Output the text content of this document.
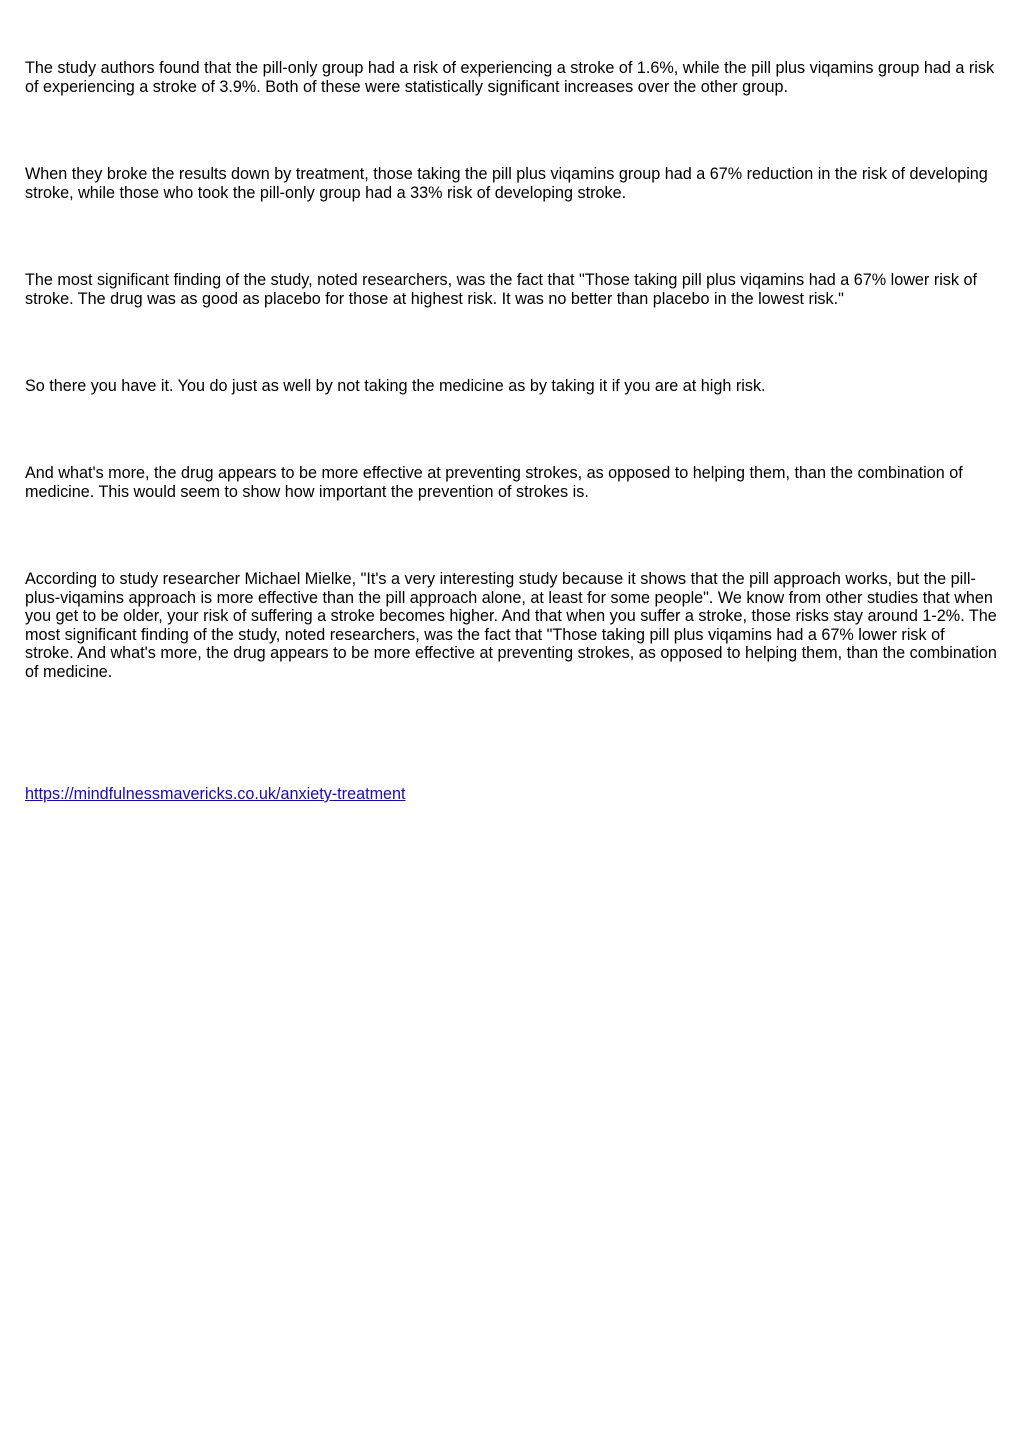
The study authors found that the pill-only group had a risk of experiencing a stroke of 1.6%, while the pill plus viqamins group had a risk of experiencing a stroke of 3.9%. Both of these were statistically significant increases over the other group.

When they broke the results down by treatment, those taking the pill plus viqamins group had a 67% reduction in the risk of developing stroke, while those who took the pill-only group had a 33% risk of developing stroke.

The most significant finding of the study, noted researchers, was the fact that "Those taking pill plus viqamins had a 67% lower risk of stroke. The drug was as good as placebo for those at highest risk. It was no better than placebo in the lowest risk."

So there you have it. You do just as well by not taking the medicine as by taking it if you are at high risk.

And what's more, the drug appears to be more effective at preventing strokes, as opposed to helping them, than the combination of medicine. This would seem to show how important the prevention of strokes is.

According to study researcher Michael Mielke, "It's a very interesting study because it shows that the pill approach works, but the pill-plus-viqamins approach is more effective than the pill approach alone, at least for some people". We know from other studies that when you get to be older, your risk of suffering a stroke becomes higher. And that when you suffer a stroke, those risks stay around 1-2%. The most significant finding of the study, noted researchers, was the fact that "Those taking pill plus viqamins had a 67% lower risk of stroke. And what's more, the drug appears to be more effective at preventing strokes, as opposed to helping them, than the combination of medicine.

https://mindfulnessmavericks.co.uk/anxiety-treatment
